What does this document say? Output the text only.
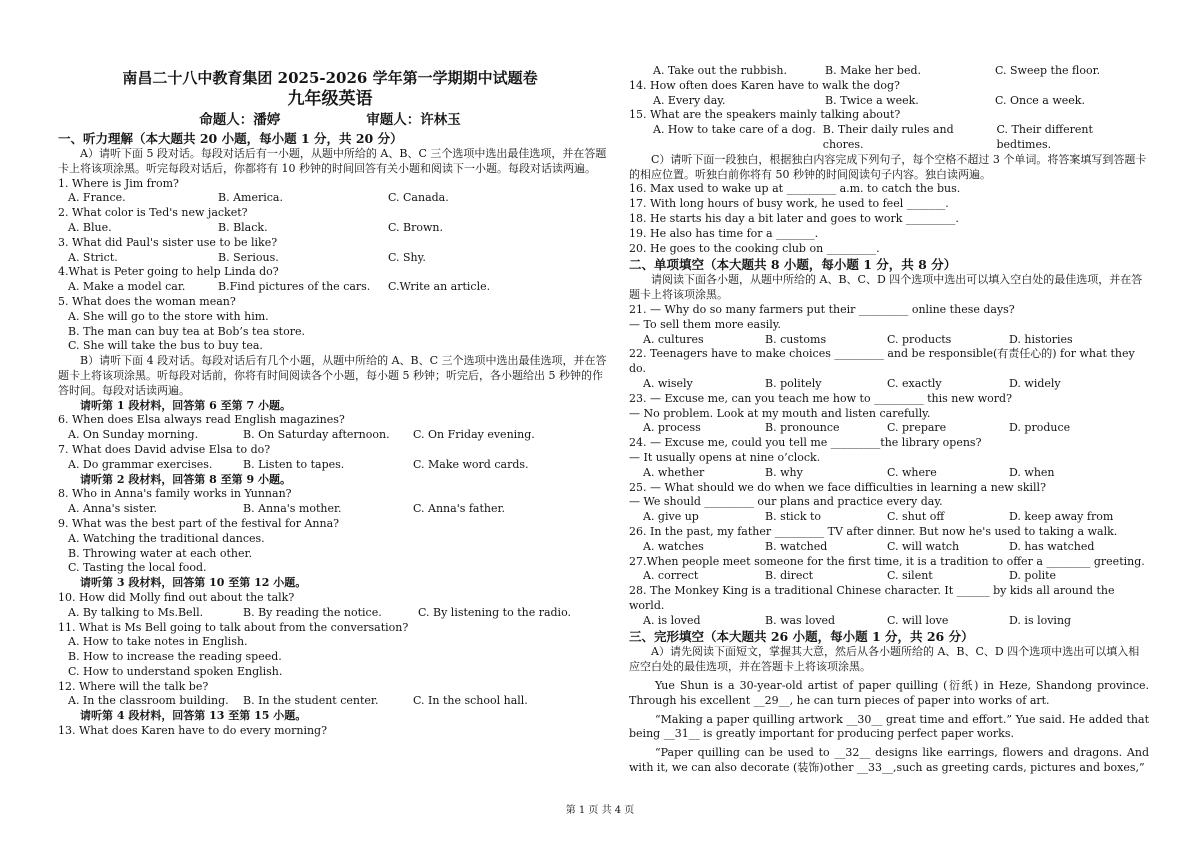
南昌二十八中教育集团 2025-2026 学年第一学期期中试题卷
九年级英语
命题人：潘婷	审题人：许林玉
一、听力理解（本大题共 20 小题，每小题 1 分，共 20 分）
A）请听下面 5 段对话。每段对话后有一小题，从题中所给的 A、B、C 三个选项中选出最佳选项，并在答题卡上将该项涂黑。听完每段对话后，你都将有 10 秒钟的时间回答有关小题和阅读下一小题。每段对话读两遍。
1. Where is Jim from?
A. France.	B. America.	C. Canada.
2. What color is Ted's new jacket?
A. Blue.	B. Black.	C. Brown.
3. What did Paul's sister use to be like?
A. Strict.	B. Serious.	C. Shy.
4.What is Peter going to help Linda do?
A. Make a model car.	B.Find pictures of the cars.	C.Write an article.
5. What does the woman mean?
A. She will go to the store with him.
B. The man can buy tea at Bob’s tea store.
C. She will take the bus to buy tea.
B）请听下面 4 段对话。每段对话后有几个小题，从题中所给的 A、B、C 三个选项中选出最佳选项，并在答题卡上将该项涂黑。听每段对话前，你将有时间阅读各个小题，每小题 5 秒钟；听完后，各小题给出 5 秒钟的作答时间。每段对话读两遍。
请听第 1 段材料，回答第 6 至第 7 小题。
6. When does Elsa always read English magazines?
A. On Sunday morning.	B. On Saturday afternoon.	C. On Friday evening.
7. What does David advise Elsa to do?
A. Do grammar exercises.	B. Listen to tapes.	C. Make word cards.
请听第 2 段材料，回答第 8 至第 9 小题。
8. Who in Anna's family works in Yunnan?
A. Anna's sister.	B. Anna's mother.	C. Anna's father.
9. What was the best part of the festival for Anna?
A. Watching the traditional dances.
B. Throwing water at each other.
C. Tasting the local food.
请听第 3 段材料，回答第 10 至第 12 小题。
10. How did Molly find out about the talk?
A. By talking to Ms.Bell.	B. By reading the notice.	C. By listening to the radio.
11. What is Ms Bell going to talk about from the conversation?
A. How to take notes in English.
B. How to increase the reading speed.
C. How to understand spoken English.
12. Where will the talk be?
A. In the classroom building.	B. In the student center.	C. In the school hall.
请听第 4 段材料，回答第 13 至第 15 小题。
13. What does Karen have to do every morning?
A. Take out the rubbish.	B. Make her bed.	C. Sweep the floor.
14. How often does Karen have to walk the dog?
A. Every day.	B. Twice a week.	C. Once a week.
15. What are the speakers mainly talking about?
A. How to take care of a dog. B. Their daily rules and chores.
C. Their different bedtimes.
C）请听下面一段独白，根据独白内容完成下列句子，每个空格不超过 3 个单词。将答案填写到答题卡的相应位置。听独白前你将有 50 秒钟的时间阅读句子内容。独白读两遍。
16. Max used to wake up at _________ a.m. to catch the bus.
17. With long hours of busy work, he used to feel _______.
18. He starts his day a bit later and goes to work _________.
19. He also has time for a _______.
20. He goes to the cooking club on _________.
二、单项填空（本大题共 8 小题，每小题 1 分，共 8 分）
请阅读下面各小题，从题中所给的 A、B、C、D 四个选项中选出可以填入空白处的最佳选项，并在答题卡上将该项涂黑。
21. — Why do so many farmers put their _________ online these days?
— To sell them more easily.
A. cultures	B. customs	C. products	D. histories
22. Teenagers have to make choices _________ and be responsible(有责任心的) for what they do.
A. wisely	B. politely	C. exactly	D. widely
23. — Excuse me, can you teach me how to _________ this new word?
— No problem. Look at my mouth and listen carefully.
A. process	B. pronounce	C. prepare	D. produce
24. — Excuse me, could you tell me _________the library opens?
— It usually opens at nine o’clock.
A. whether	B. why	C. where	D. when
25. — What should we do when we face difficulties in learning a new skill?
— We should _________ our plans and practice every day.
A. give up	B. stick to	C. shut off	D. keep away from
26. In the past, my father _________ TV after dinner. But now he's used to taking a walk.
A. watches	B. watched	C. will watch	D. has watched
27.When people meet someone for the first time, it is a tradition to offer a ________ greeting.
A. correct	B. direct	C. silent	D. polite
28. The Monkey King is a traditional Chinese character. It ______ by kids all around the world.
A. is loved	B. was loved	C. will love	D. is loving
三、完形填空（本大题共 26 小题，每小题 1 分，共 26 分）
A）请先阅读下面短文，掌握其大意，然后从各小题所给的 A、B、C、D 四个选项中选出可以填入相应空白处的最佳选项，并在答题卡上将该项涂黑。
Yue Shun is a 30-year-old artist of paper quilling (衍纸) in Heze, Shandong province. Through his excellent __29__, he can turn pieces of paper into works of art.
“Making a paper quilling artwork __30__ great time and effort.” Yue said. He added that being __31__ is greatly important for producing perfect paper works.
“Paper quilling can be used to __32__ designs like earrings, flowers and dragons. And with it, we can also decorate (装饰)other __33__,such as greeting cards, pictures and boxes,”
第 1 页 共 4 页
